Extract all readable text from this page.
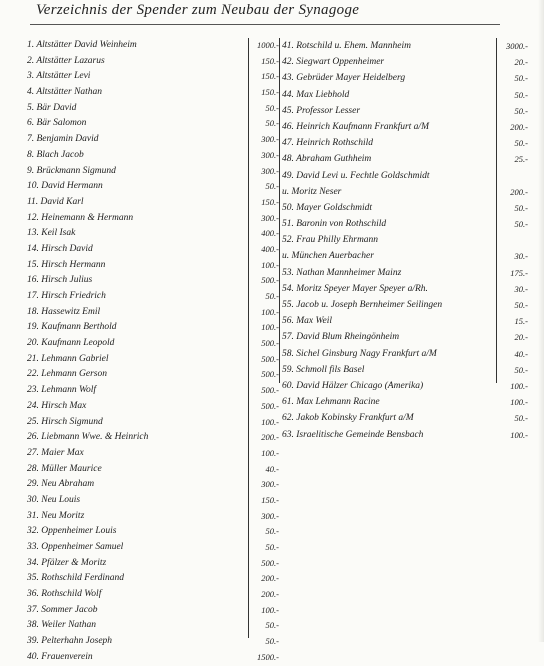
Verzeichnis der Spender zum Neubau der Synagoge
1. Altstätter David Weinheim	1000.-
2. Altstätter Lazarus	150.-
3. Altstätter Levi	150.-
4. Altstätter Nathan	150.-
5. Bär David	50.-
6. Bär Salomon	50.-
7. Benjamin David	300.-
8. Blach Jacob	300.-
9. Brückmann Sigmund	300.-
10. David Hermann	50.-
11. David Karl	150.-
12. Heinemann & Hermann	300.-
13. Keil Isak	400.-
14. Hirsch David	400.-
15. Hirsch Hermann	100.-
16. Hirsch Julius	500.-
17. Hirsch Friedrich	50.-
18. Hassewitz Emil	100.-
19. Kaufmann Berthold	100.-
20. Kaufmann Leopold	500.-
21. Lehmann Gabriel	500.-
22. Lehmann Gerson	500.-
23. Lehmann Wolf	500.-
24. Hirsch Max	500.-
25. Hirsch Sigmund	100.-
26. Liebmann Wwe. & Heinrich	200.-
27. Maier Max	100.-
28. Müller Maurice	40.-
29. Neu Abraham	300.-
30. Neu Louis	150.-
31. Neu Moritz	300.-
32. Oppenheimer Louis	50.-
33. Oppenheimer Samuel	50.-
34. Pfälzer & Moritz	500.-
35. Rothschild Ferdinand	200.-
36. Rothschild Wolf	200.-
37. Sommer Jacob	100.-
38. Weiler Nathan	50.-
39. Pelterhahn Joseph	50.-
40. Frauenverein	1500.-
41. Rotschild u. Ehem. Mannheim	3000.-
42. Siegwart Oppenheimer	20.-
43. Gebrüder Mayer Heidelberg	50.-
44. Max Liebhold	50.-
45. Professor Lesser	50.-
46. Heinrich Kaufmann Frankfurt a/M	200.-
47. Heinrich Rothschild	50.-
48. Abraham Guthheim	25.-
49. David Levi u. Fechtle Goldschmidt
u. Moritz Neser	200.-
50. Mayer Goldschmidt	50.-
51. Baronin von Rothschild	50.-
52. Frau Philly Ehrmann
u. München Auerbacher	30.-
53. Nathan Mannheimer Mainz	175.-
54. Moritz Speyer Mayer Speyer a/Rh.	30.-
55. Jacob u. Joseph Bernheimer Seilingen	50.-
56. Max Weil	15.-
57. David Blum Rheingönheim	20.-
58. Sichel Ginsburg Nagy Frankfurt a/M	40.-
59. Schmoll fils Basel	50.-
60. David Hälzer Chicago (Amerika)	100.-
61. Max Lehmann Racine	100.-
62. Jakob Kobinsky Frankfurt a/M	50.-
63. Israelitische Gemeinde Bensbach	100.-
